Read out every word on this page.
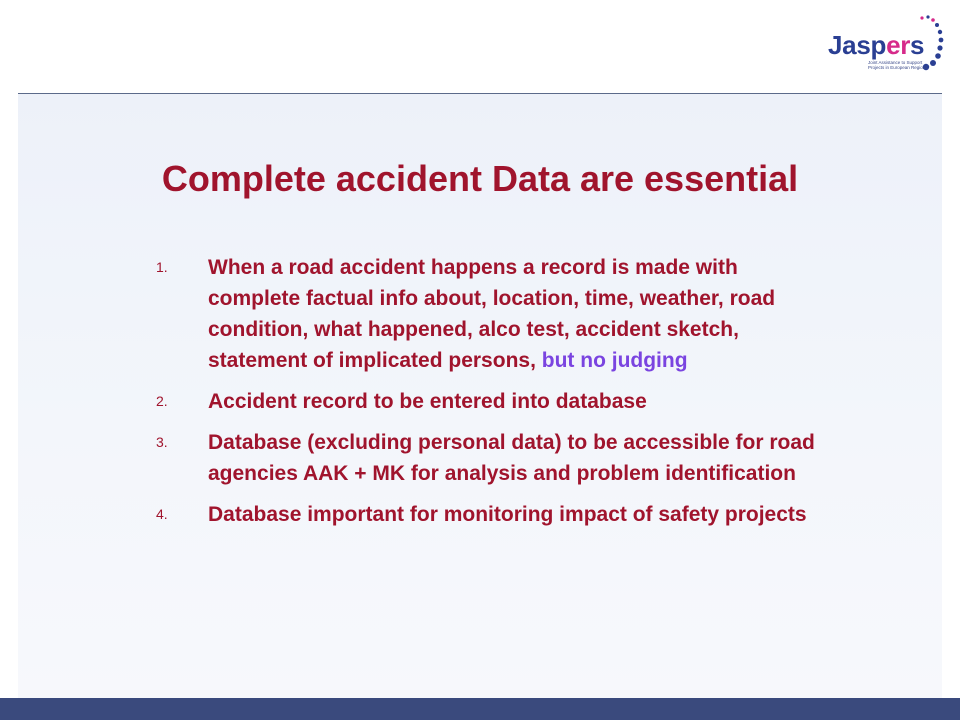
Jaspers
Joint Assistance to Support Projects in European Regions
Complete accident Data are essential
1. When a road accident happens a record is made with complete factual info about, location, time, weather, road condition, what happened, alco test, accident sketch, statement of implicated persons, but no judging
2. Accident record to be entered into database
3. Database (excluding personal data) to be accessible for road agencies AAK + MK for analysis and problem identification
4. Database important for monitoring impact of safety projects
